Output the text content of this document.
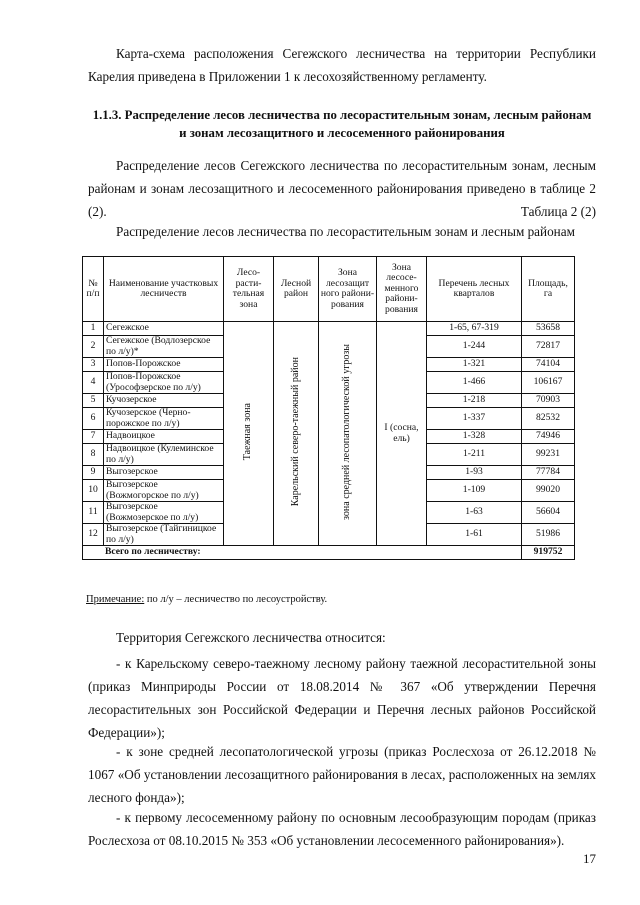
Карта-схема расположения Сегежского лесничества на территории Республики Карелия приведена в Приложении 1 к лесохозяйственному регламенту.

1.1.3. Распределение лесов лесничества по лесорастительным зонам, лесным районам
и зонам лесозащитного и лесосеменного районирования

Распределение лесов Сегежского лесничества по лесорастительным зонам, лесным районам и зонам лесозащитного и лесосеменного районирования приведено в таблице 2 (2).	Таблица 2 (2)
Распределение лесов лесничества по лесорастительным зонам и лесным районам
№ п/п	Наименование участковых лесничеств	Лесо- расти- тельная зона	Лесной район	Зона лесозащит ного райони- рования	Зона лесосе- менного райони- рования	Перечень лесных кварталов	Площадь, га
1	Сегежское	Таежная зона	Карельский северо-таежный район	зона средней лесопатологической угрозы	I (сосна, ель)	1-65, 67-319	53658
2	Сегежское (Водлозерское по л/у)*					1-244	72817
3	Попов-Порожское					1-321	74104
4	Попов-Порожское (Урософзерское по л/у)					1-466	106167
5	Кучозерское					1-218	70903
6	Кучозерское (Черно- порожское по л/у)					1-337	82532
7	Надвоицкое					1-328	74946
8	Надвоицкое (Кулеминское по л/у)					1-211	99231
9	Выгозерское					1-93	77784
10	Выгозерское (Вожмогорское по л/у)					1-109	99020
11	Выгозерское (Вожмозерское по л/у)					1-63	56604
12	Выгозерское (Тайгиницкое по л/у)					1-61	51986
Всего по лесничеству:							919752
Примечание: по л/у – лесничество по лесоустройству.

Территория Сегежского лесничества относится:

- к Карельскому северо-таежному лесному району таежной лесорастительной зоны (приказ Минприроды России от 18.08.2014 № 367 «Об утверждении Перечня лесорастительных зон Российской Федерации и Перечня лесных районов Российской Федерации»);

- к зоне средней лесопатологической угрозы (приказ Рослесхоза от 26.12.2018 № 1067 «Об установлении лесозащитного районирования в лесах, расположенных на землях лесного фонда»);

- к первому лесосеменному району по основным лесообразующим породам (приказ Рослесхоза от 08.10.2015 № 353 «Об установлении лесосеменного районирования»).

17
